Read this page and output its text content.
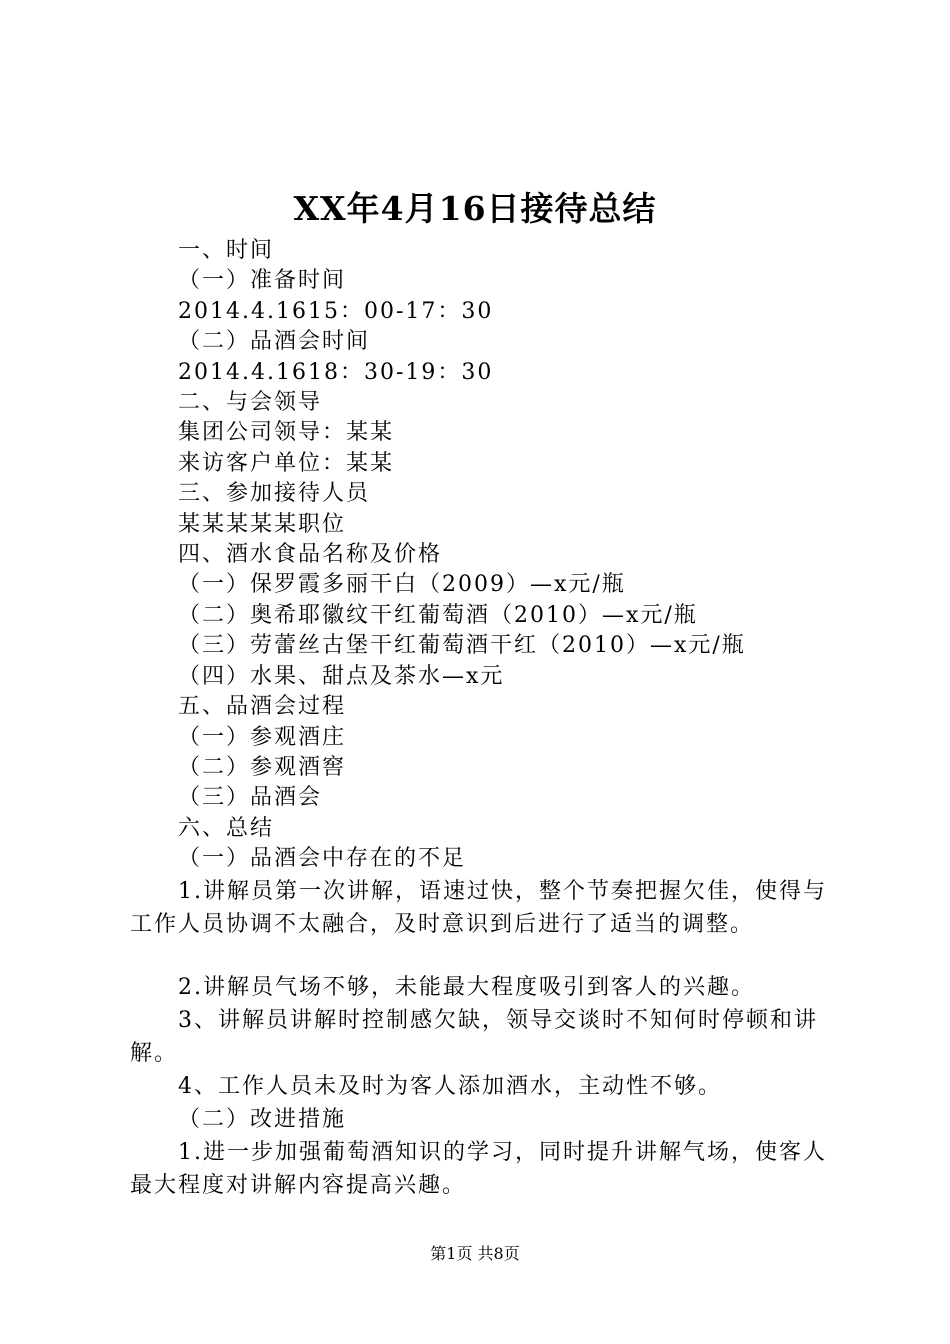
XX年4月16日接待总结
一、时间
（一）准备时间
2014.4.1615：00-17：30
（二）品酒会时间
2014.4.1618：30-19：30
二、与会领导
集团公司领导：某某
来访客户单位：某某
三、参加接待人员
某某某某某职位
四、酒水食品名称及价格
（一）保罗霞多丽干白（2009）—x元/瓶
（二）奥希耶徽纹干红葡萄酒（2010）—x元/瓶
（三）劳蕾丝古堡干红葡萄酒干红（2010）—x元/瓶
（四）水果、甜点及茶水—x元
五、品酒会过程
（一）参观酒庄
（二）参观酒窖
（三）品酒会
六、总结
（一）品酒会中存在的不足
1.讲解员第一次讲解，语速过快，整个节奏把握欠佳，使得与工作人员协调不太融合，及时意识到后进行了适当的调整。
2.讲解员气场不够，未能最大程度吸引到客人的兴趣。
3、讲解员讲解时控制感欠缺，领导交谈时不知何时停顿和讲解。
4、工作人员未及时为客人添加酒水，主动性不够。
（二）改进措施
1.进一步加强葡萄酒知识的学习，同时提升讲解气场，使客人最大程度对讲解内容提高兴趣。
第1页 共8页
